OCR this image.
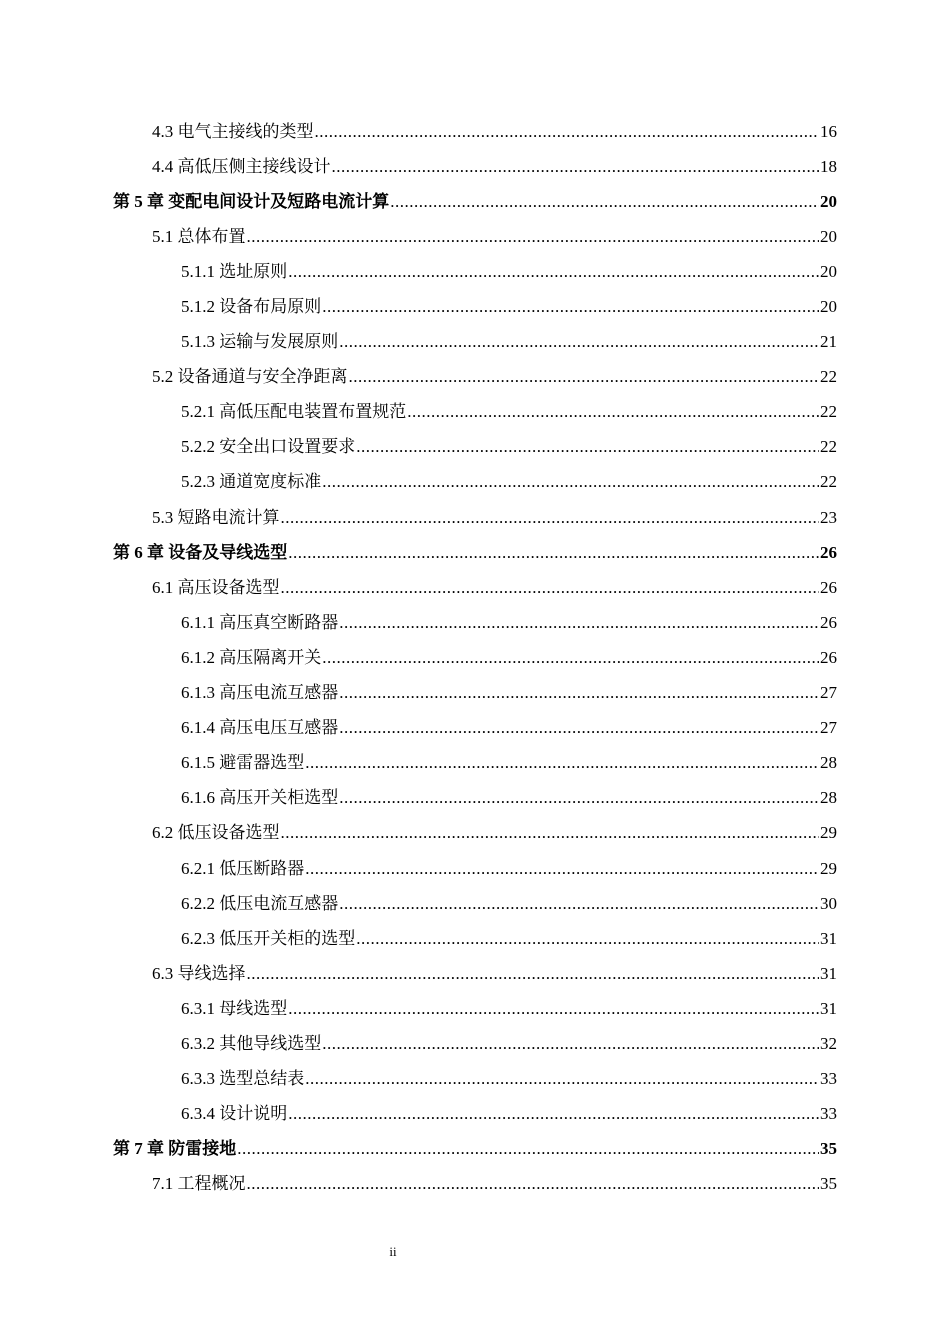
4.3 电气主接线的类型 .....	16
4.4 高低压侧主接线设计 .....	18
第 5 章 变配电间设计及短路电流计算 .....	20
5.1 总体布置 .....	20
5.1.1 选址原则 .....	20
5.1.2 设备布局原则 .....	20
5.1.3 运输与发展原则 .....	21
5.2 设备通道与安全净距离 .....	22
5.2.1 高低压配电装置布置规范 .....	22
5.2.2 安全出口设置要求 .....	22
5.2.3 通道宽度标准 .....	22
5.3 短路电流计算 .....	23
第 6 章 设备及导线选型 .....	26
6.1 高压设备选型 .....	26
6.1.1 高压真空断路器 .....	26
6.1.2 高压隔离开关 .....	26
6.1.3 高压电流互感器 .....	27
6.1.4 高压电压互感器 .....	27
6.1.5 避雷器选型 .....	28
6.1.6 高压开关柜选型 .....	28
6.2 低压设备选型 .....	29
6.2.1 低压断路器 .....	29
6.2.2 低压电流互感器 .....	30
6.2.3 低压开关柜的选型 .....	31
6.3 导线选择 .....	31
6.3.1 母线选型 .....	31
6.3.2 其他导线选型 .....	32
6.3.3 选型总结表 .....	33
6.3.4 设计说明 .....	33
第 7 章 防雷接地 .....	35
7.1 工程概况 .....	35
ii
